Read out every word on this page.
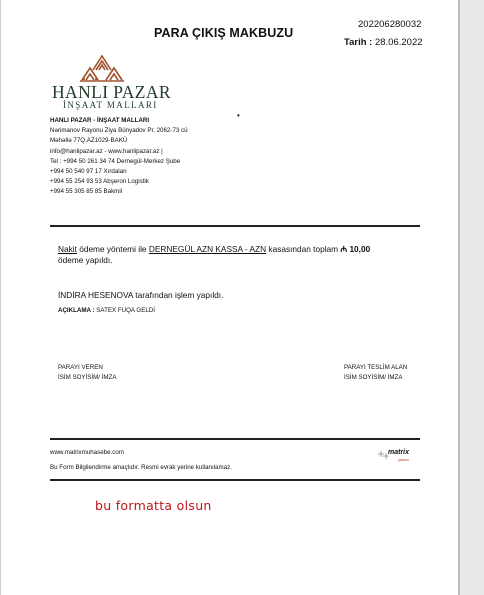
PARA ÇIKIŞ MAKBUZU
202206280032
Tarih : 28.06.2022
HANLI PAZAR
İNŞAAT MALLARI
•
HANLI PAZAR - İNŞAAT MALLARI
Nərimanov Rayonu Ziya Bünyadov Pr, 2062-73 cü
Məhəllə 77Q,AZ1029-BAKÜ
info@hanlipazar.az - www.hanlipazar.az |
Tel : +994 50 261 34 74 Dernegül-Merkez Şube
+994 50 540 97 17 Xırdalan
+994 55 254 93 53 Abşeron Logistik
+994 55 305 85 85 Bakmil
Nakit ödeme yöntemi ile DERNEGÜL AZN KASSA - AZN kasasından toplam ₼ 10,00
ödeme yapıldı.
İNDİRA HESENOVA tarafından işlem yapıldı.
AÇIKLAMA : SATEX FUQA GELDİ
PARAYI VEREN
İSİM SOYİSİM/ İMZA
PARAYI TESLİM ALAN
İSİM SOYİSİM/ İMZA
www.matrixmuhasebe.com	matrix
yazılım
Bu Form Bilgilendirme amaçlıdır. Resmi evrak yerine kullanılamaz.
bu formatta olsun
